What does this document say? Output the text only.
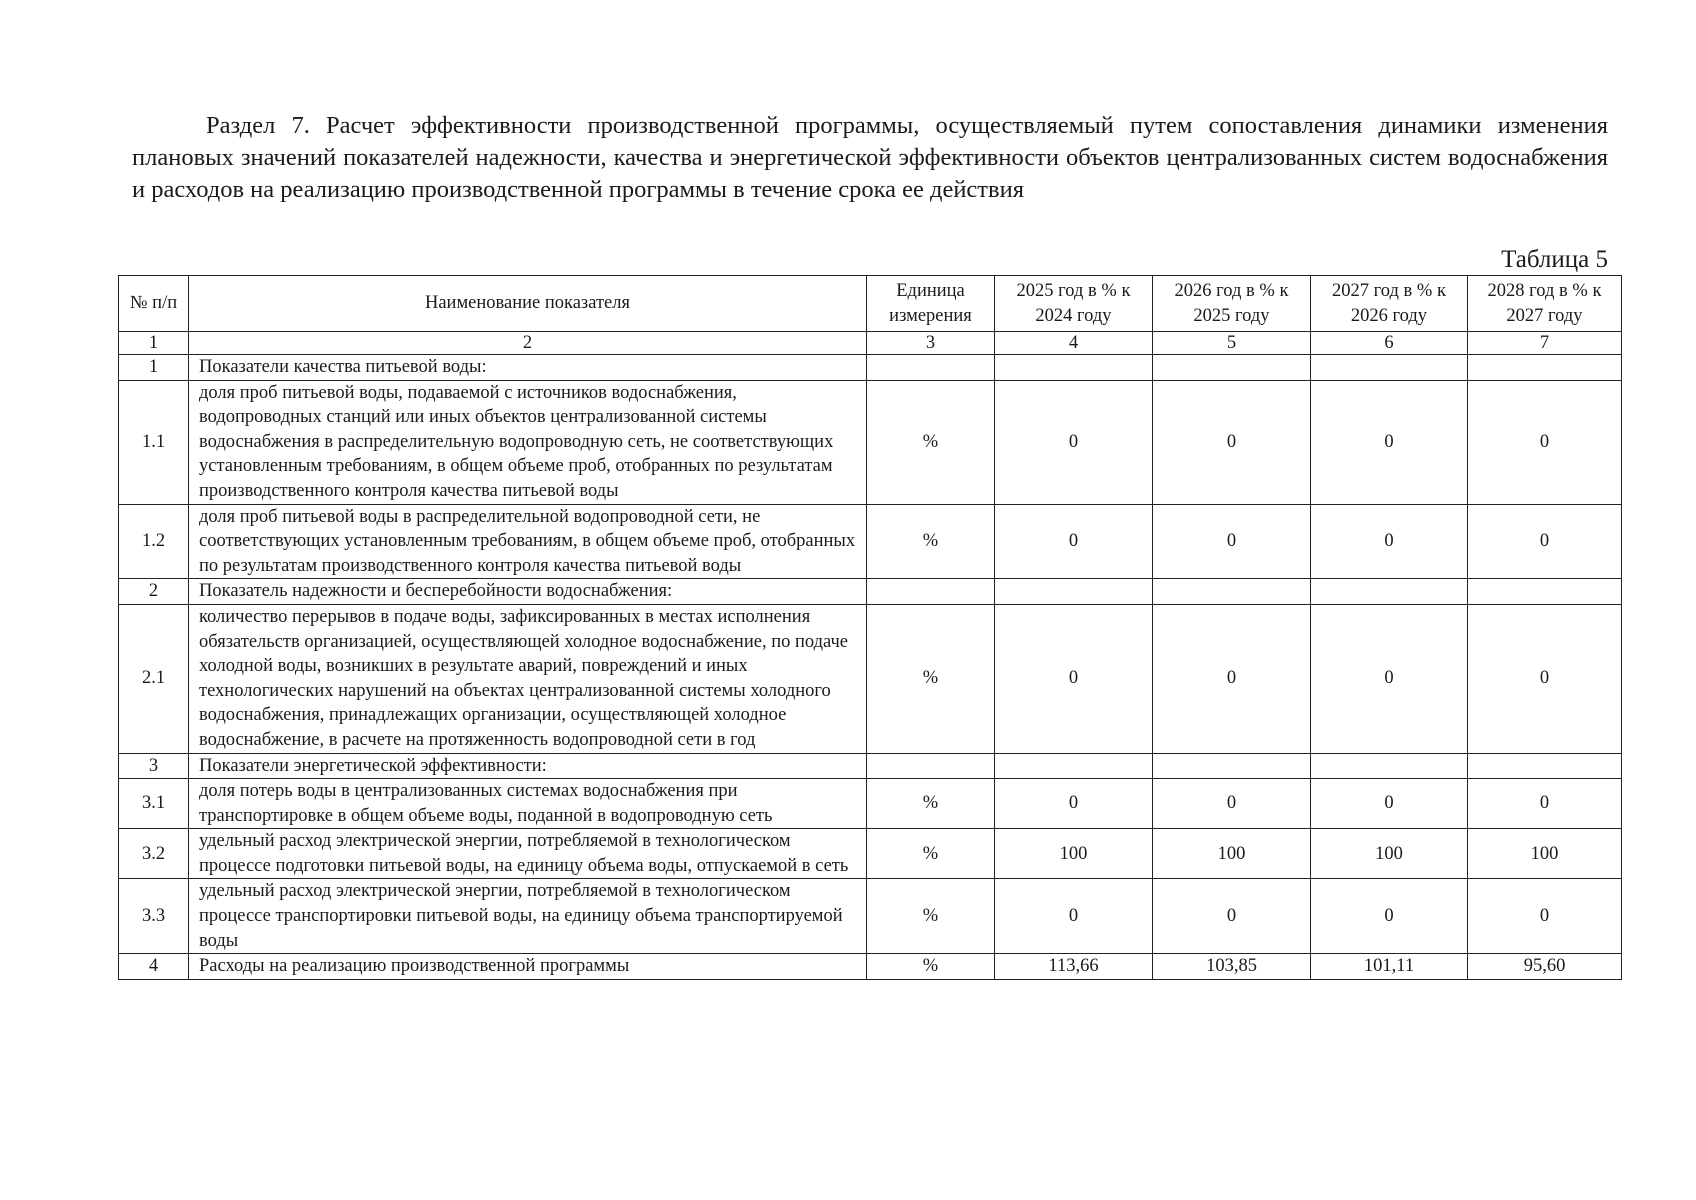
Раздел 7. Расчет эффективности производственной программы, осуществляемый путем сопоставления динамики изменения плановых значений показателей надежности, качества и энергетической эффективности объектов централизованных систем водоснабжения и расходов на реализацию производственной программы в течение срока ее действия

Таблица 5
№ п/п	Наименование показателя	Единица измерения	2025 год в % к 2024 году	2026 год в % к 2025 году	2027 год в % к 2026 году	2028 год в % к 2027 году
1	2	3	4	5	6	7
1	Показатели качества питьевой воды:					
1.1	доля проб питьевой воды, подаваемой с источников водоснабжения, водопроводных станций или иных объектов централизованной системы водоснабжения в распределительную водопроводную сеть, не соответствующих установленным требованиям, в общем объеме проб, отобранных по результатам производственного контроля качества питьевой воды	%	0	0	0	0
1.2	доля проб питьевой воды в распределительной водопроводной сети, не соответствующих установленным требованиям, в общем объеме проб, отобранных по результатам производственного контроля качества питьевой воды	%	0	0	0	0
2	Показатель надежности и бесперебойности водоснабжения:					
2.1	количество перерывов в подаче воды, зафиксированных в местах исполнения обязательств организацией, осуществляющей холодное водоснабжение, по подаче холодной воды, возникших в результате аварий, повреждений и иных технологических нарушений на объектах централизованной системы холодного водоснабжения, принадлежащих организации, осуществляющей холодное водоснабжение, в расчете на протяженность водопроводной сети в год	%	0	0	0	0
3	Показатели энергетической эффективности:					
3.1	доля потерь воды в централизованных системах водоснабжения при транспортировке в общем объеме воды, поданной в водопроводную сеть	%	0	0	0	0
3.2	удельный расход электрической энергии, потребляемой в технологическом процессе подготовки питьевой воды, на единицу объема воды, отпускаемой в сеть	%	100	100	100	100
3.3	удельный расход электрической энергии, потребляемой в технологическом процессе транспортировки питьевой воды, на единицу объема транспортируемой воды	%	0	0	0	0
4	Расходы на реализацию производственной программы	%	113,66	103,85	101,11	95,60
